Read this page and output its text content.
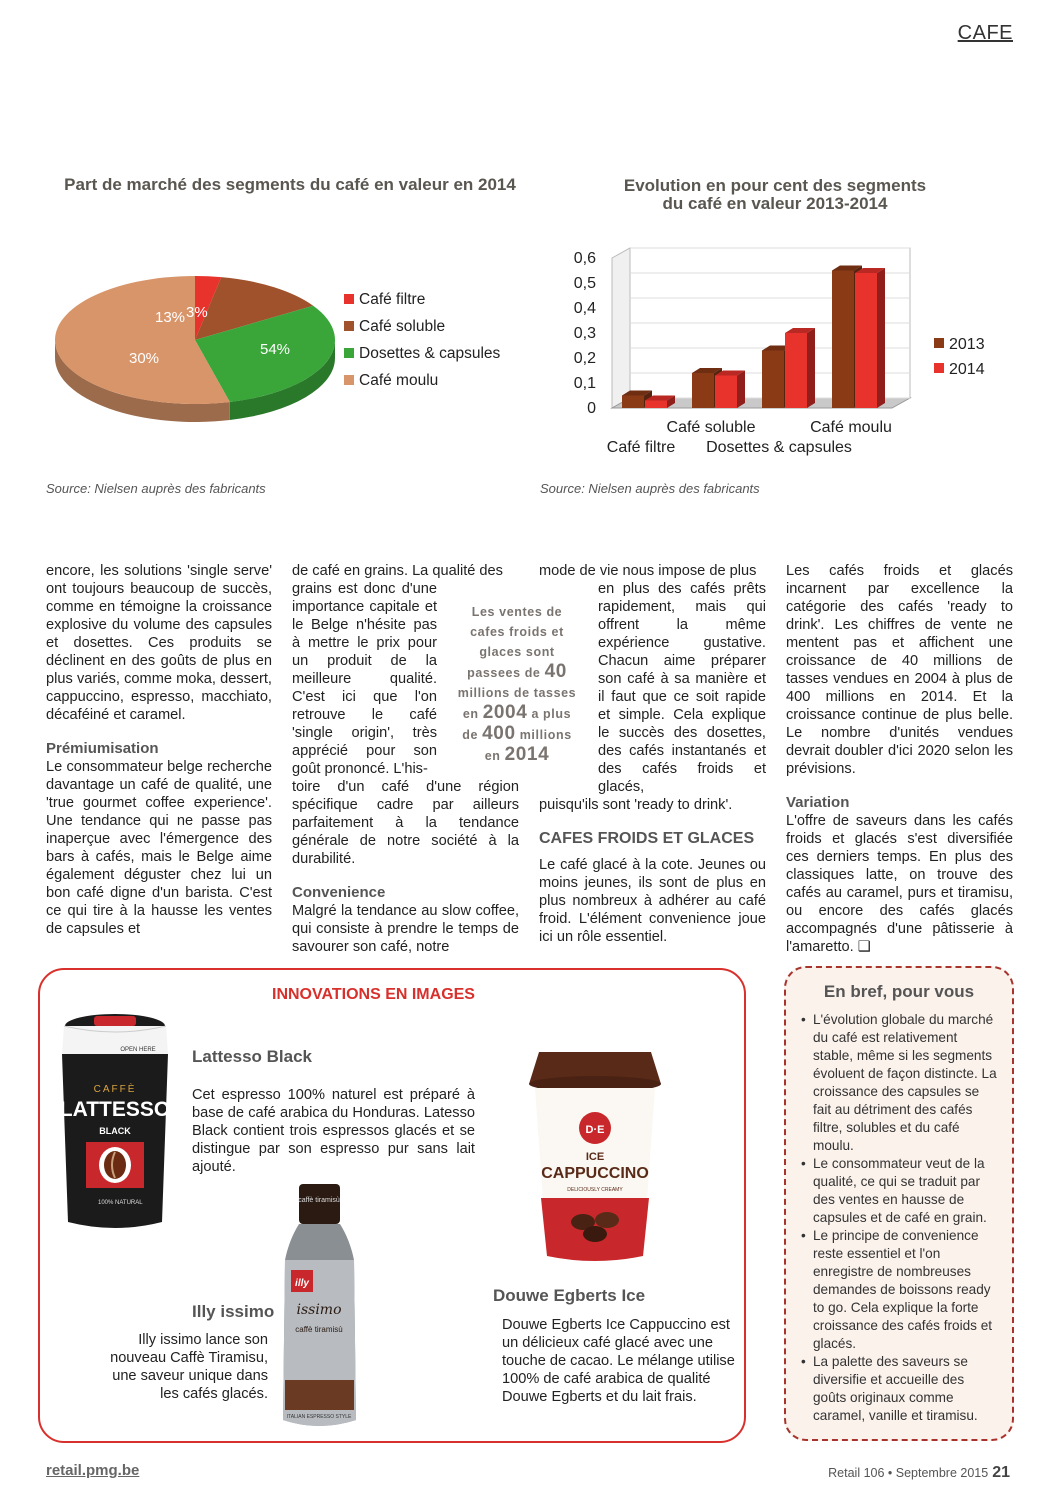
CAFE
Part de marché des segments du café en valeur en 2014
3%
13%
30%
54%
Café filtre
Café soluble
Dosettes & capsules
Café moulu
Source: Nielsen auprès des fabricants
Evolution en pour cent des segments
du café en valeur 2013-2014
0
0,1
0,2
0,3
0,4
0,5
0,6
Café filtre
Café soluble
Dosettes & capsules
Café moulu
2013
2014
Source: Nielsen auprès des fabricants

encore, les solutions 'single serve' ont toujours beaucoup de succès, comme en témoigne la croissance explosive du volume des capsules et dosettes. Ces produits se déclinent en des goûts de plus en plus variés, comme moka, dessert, cappuccino, espresso, macchiato, décaféiné et caramel.

Prémiumisation

Le consommateur belge recherche davantage un café de qualité, une 'true gourmet coffee experience'. Une tendance qui ne passe pas inaperçue avec l'émergence des bars à cafés, mais le Belge aime également déguster chez lui un bon café digne d'un barista. C'est ce qui tire à la hausse les ventes de capsules et

de café en grains. La qualité des

grains est donc d'une importance capitale et le Belge n'hésite pas à mettre le prix pour un produit de la meilleure qualité. C'est ici que l'on retrouve le café 'single origin', très apprécié pour son goût prononcé. L'his-

toire d'un café d'une région spécifique cadre par ailleurs parfaitement à la tendance générale de notre société à la durabilité.

Convenience

Malgré la tendance au slow coffee, qui consiste à prendre le temps de savourer son café, notre

Les ventes de
cafes froids et
glaces sont
passees de 40
millions de tasses
en 2004 a plus
de 400 millions
en 2014

mode de vie nous impose de plus

en plus des cafés prêts rapidement, mais qui offrent la même expérience gustative. Chacun aime préparer son café à sa manière et il faut que ce soit rapide et simple. Cela explique le succès des dosettes, des cafés instantanés et des cafés froids et glacés,

puisqu'ils sont 'ready to drink'.

CAFES FROIDS ET GLACES

Le café glacé à la cote. Jeunes ou moins jeunes, ils sont de plus en plus nombreux à adhérer au café froid. L'élément convenience joue ici un rôle essentiel.

Les cafés froids et glacés incarnent par excellence la catégorie des cafés 'ready to drink'. Les chiffres de vente ne mentent pas et affichent une croissance de 40 millions de tasses vendues en 2004 à plus de 400 millions en 2014. Et la croissance continue de plus belle. Le nombre d'unités vendues devrait doubler d'ici 2020 selon les prévisions.

Variation

L'offre de saveurs dans les cafés froids et glacés s'est diversifiée ces derniers temps. En plus des classiques latte, on trouve des cafés au caramel, purs et tiramisu, ou encore des cafés glacés accompagnés d'une pâtisserie à l'amaretto. ❑

INNOVATIONS EN IMAGES
OPEN HERE
CAFFÈ
LATTESSO
BLACK
100% NATURAL
Lattesso Black
Cet espresso 100% naturel est préparé à base de café arabica du Honduras. Latesso Black contient trois espressos glacés et se distingue par son espresso pur sans lait ajouté.
caffè tiramisù
illy
issimo
caffè tiramisù
ITALIAN ESPRESSO STYLE
Illy issimo
Illy issimo lance son nouveau Caffè Tiramisu, une saveur unique dans les cafés glacés.
D·E
ICE
CAPPUCCINO
DELICIOUSLY CREAMY
Douwe Egberts Ice
Douwe Egberts Ice Cappuccino est un délicieux café glacé avec une touche de cacao. Le mélange utilise 100% de café arabica de qualité Douwe Egberts et du lait frais.
En bref, pour vous
• L'évolution globale du marché du café est relativement stable, même si les segments évoluent de façon distincte. La croissance des capsules se fait au détriment des cafés filtre, solubles et du café moulu.
• Le consommateur veut de la qualité, ce qui se traduit par des ventes en hausse de capsules et de café en grain.
• Le principe de convenience reste essentiel et l'on enregistre de nombreuses demandes de boissons ready to go. Cela explique la forte croissance des cafés froids et glacés.
• La palette des saveurs se diversifie et accueille des goûts originaux comme caramel, vanille et tiramisu.
retail.pmg.be	Retail 106 • Septembre 2015 21
